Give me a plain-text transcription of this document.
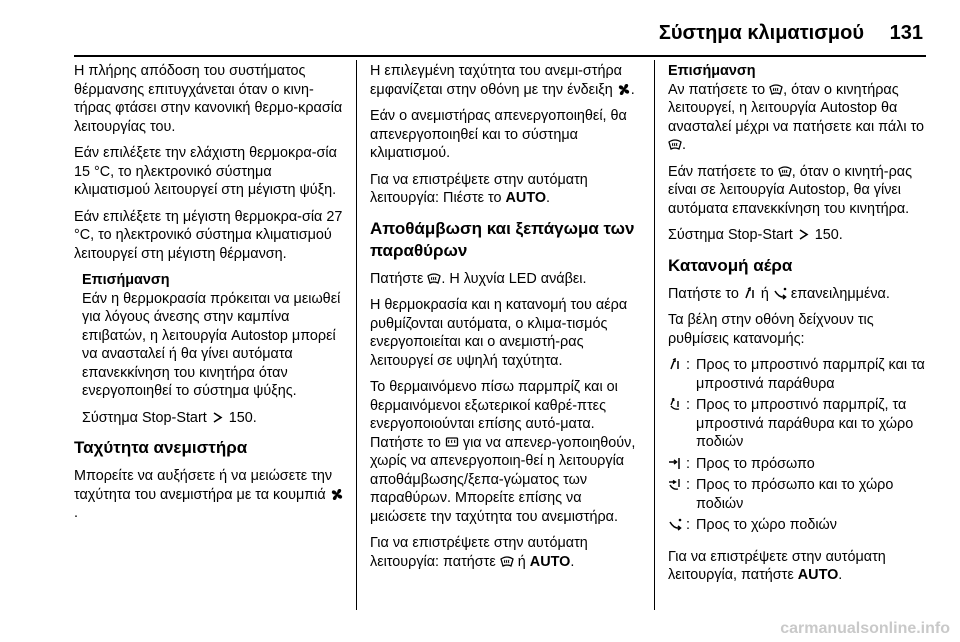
Σύστημα κλιματισμού 131

Η πλήρης απόδοση του συστήματος θέρμανσης επιτυγχάνεται όταν ο κινη‐τήρας φτάσει στην κανονική θερμο‐κρασία λειτουργίας του.

Εάν επιλέξετε την ελάχιστη θερμοκρα‐σία 15 °C, το ηλεκτρονικό σύστημα κλιματισμού λειτουργεί στη μέγιστη ψύξη.

Εάν επιλέξετε τη μέγιστη θερμοκρα‐σία 27 °C, το ηλεκτρονικό σύστημα κλιματισμού λειτουργεί στη μέγιστη θέρμανση.

Επισήμανση

Εάν η θερμοκρασία πρόκειται να μειωθεί για λόγους άνεσης στην καμπίνα επιβατών, η λειτουργία Autostop μπορεί να ανασταλεί ή θα γίνει αυτόματα επανεκκίνηση του κινητήρα όταν ενεργοποιηθεί το σύστημα ψύξης.

Σύστημα Stop-Start 150.

Ταχύτητα ανεμιστήρα

Μπορείτε να αυξήσετε ή να μειώσετε την ταχύτητα του ανεμιστήρα με τα κουμπιά .

Η επιλεγμένη ταχύτητα του ανεμι‐στήρα εμφανίζεται στην οθόνη με την ένδειξη .

Εάν ο ανεμιστήρας απενεργοποιηθεί, θα απενεργοποιηθεί και το σύστημα κλιματισμού.

Για να επιστρέψετε στην αυτόματη λειτουργία: Πιέστε το AUTO.

Αποθάμβωση και ξεπάγωμα των παραθύρων

Πατήστε . Η λυχνία LED ανάβει.

Η θερμοκρασία και η κατανομή του αέρα ρυθμίζονται αυτόματα, ο κλιμα‐τισμός ενεργοποιείται και ο ανεμιστή‐ρας λειτουργεί σε υψηλή ταχύτητα.

Το θερμαινόμενο πίσω παρμπρίζ και οι θερμαινόμενοι εξωτερικοί καθρέ‐πτες ενεργοποιούνται επίσης αυτό‐ματα. Πατήστε το για να απενερ‐γοποιηθούν, χωρίς να απενεργοποιη‐θεί η λειτουργία αποθάμβωσης/ξεπα‐γώματος των παραθύρων. Μπορείτε επίσης να μειώσετε την ταχύτητα του ανεμιστήρα.

Για να επιστρέψετε στην αυτόματη λειτουργία: πατήστε ή AUTO.

Επισήμανση

Αν πατήσετε το , όταν ο κινητήρας λειτουργεί, η λειτουργία Autostop θα ανασταλεί μέχρι να πατήσετε και πάλι το .

Εάν πατήσετε το , όταν ο κινητή‐ρας είναι σε λειτουργία Autostop, θα γίνει αυτόματα επανεκκίνηση του κινητήρα.

Σύστημα Stop-Start 150.

Κατανομή αέρα

Πατήστε το ή επανειλημμένα.

Τα βέλη στην οθόνη δείχνουν τις ρυθμίσεις κατανομής:

	:	Προς το μπροστινό παρμπρίζ και τα μπροστινά παράθυρα
	:	Προς το μπροστινό παρμπρίζ, τα μπροστινά παράθυρα και το χώρο ποδιών
	:	Προς το πρόσωπο
	:	Προς το πρόσωπο και το χώρο ποδιών
	:	Προς το χώρο ποδιών

Για να επιστρέψετε στην αυτόματη λειτουργία, πατήστε AUTO.

carmanualsonline.info
